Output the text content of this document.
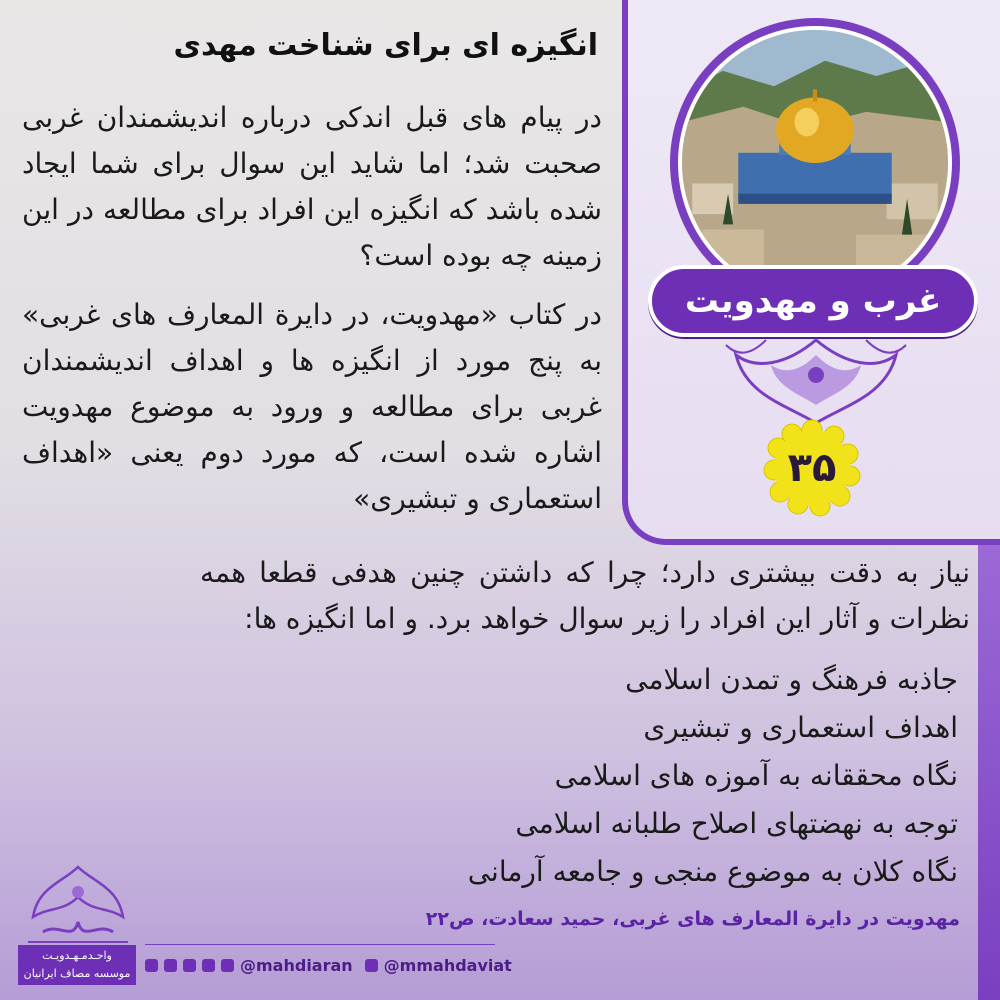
غرب و مهدویت
۳۵
انگیزه ای برای شناخت مهدی
در پیام های قبل اندکی درباره اندیشمندان غربی صحبت شد؛ اما شاید این سوال برای شما ایجاد شده باشد که انگیزه این افراد برای مطالعه در این زمینه چه بوده است؟
در کتاب «مهدویت، در دایرة المعارف های غربی» به پنج مورد از انگیزه ها و اهداف اندیشمندان غربی برای مطالعه و ورود به موضوع مهدویت اشاره شده است، که مورد دوم یعنی «اهداف استعماری و تبشیری»
نیاز به دقت بیشتری دارد؛ چرا که داشتن چنین هدفی قطعا همه نظرات و آثار این افراد را زیر سوال خواهد برد. و اما انگیزه ها:
جاذبه فرهنگ و تمدن اسلامی
اهداف استعماری و تبشیری
نگاه محققانه به آموزه های اسلامی
توجه به نهضتهای اصلاح طلبانه اسلامی
نگاه کلان به موضوع منجی و جامعه آرمانی
مهدویت در دایرة المعارف های غربی، حمید سعادت، ص۲۲
واحـدمـهـدویـت
موسسه مصاف ایرانیان	@mahdiaran @mmahdaviat
